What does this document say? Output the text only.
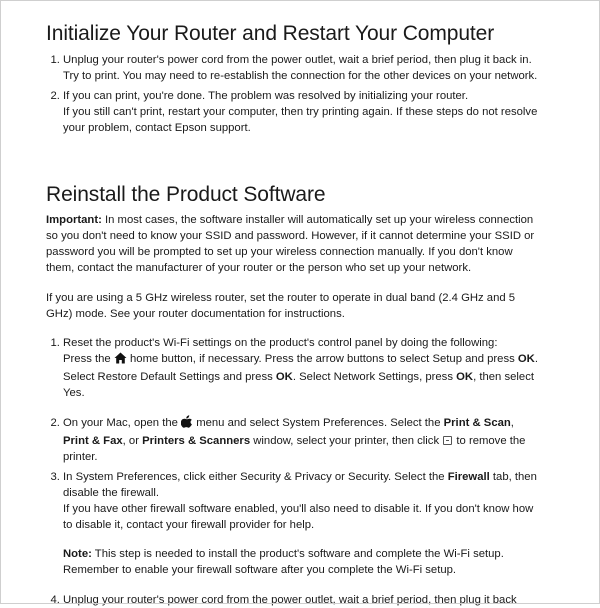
Initialize Your Router and Restart Your Computer
1. Unplug your router's power cord from the power outlet, wait a brief period, then plug it back in. Try to print. You may need to re-establish the connection for the other devices on your network.
2. If you can print, you're done. The problem was resolved by initializing your router.
If you still can't print, restart your computer, then try printing again. If these steps do not resolve your problem, contact Epson support.
Reinstall the Product Software

Important: In most cases, the software installer will automatically set up your wireless connection so you don't need to know your SSID and password. However, if it cannot determine your SSID or password you will be prompted to set up your wireless connection manually. If you don't know them, contact the manufacturer of your router or the person who set up your network.

If you are using a 5 GHz wireless router, set the router to operate in dual band (2.4 GHz and 5 GHz) mode. See your router documentation for instructions.

1. Reset the product's Wi-Fi settings on the product's control panel by doing the following:
Press the  home button, if necessary. Press the arrow buttons to select Setup and press OK. Select Restore Default Settings and press OK. Select Network Settings, press OK, then select Yes.
2. On your Mac, open the  menu and select System Preferences. Select the Print & Scan,
Print & Fax, or Printers & Scanners window, select your printer, then click  to remove the printer.
3. In System Preferences, click either Security & Privacy or Security. Select the Firewall tab, then disable the firewall.
If you have other firewall software enabled, you'll also need to disable it. If you don't know how to disable it, contact your firewall provider for help.

Note: This step is needed to install the product's software and complete the Wi-Fi setup. Remember to enable your firewall software after you complete the Wi-Fi setup.

4. Unplug your router's power cord from the power outlet, wait a brief period, then plug it back
